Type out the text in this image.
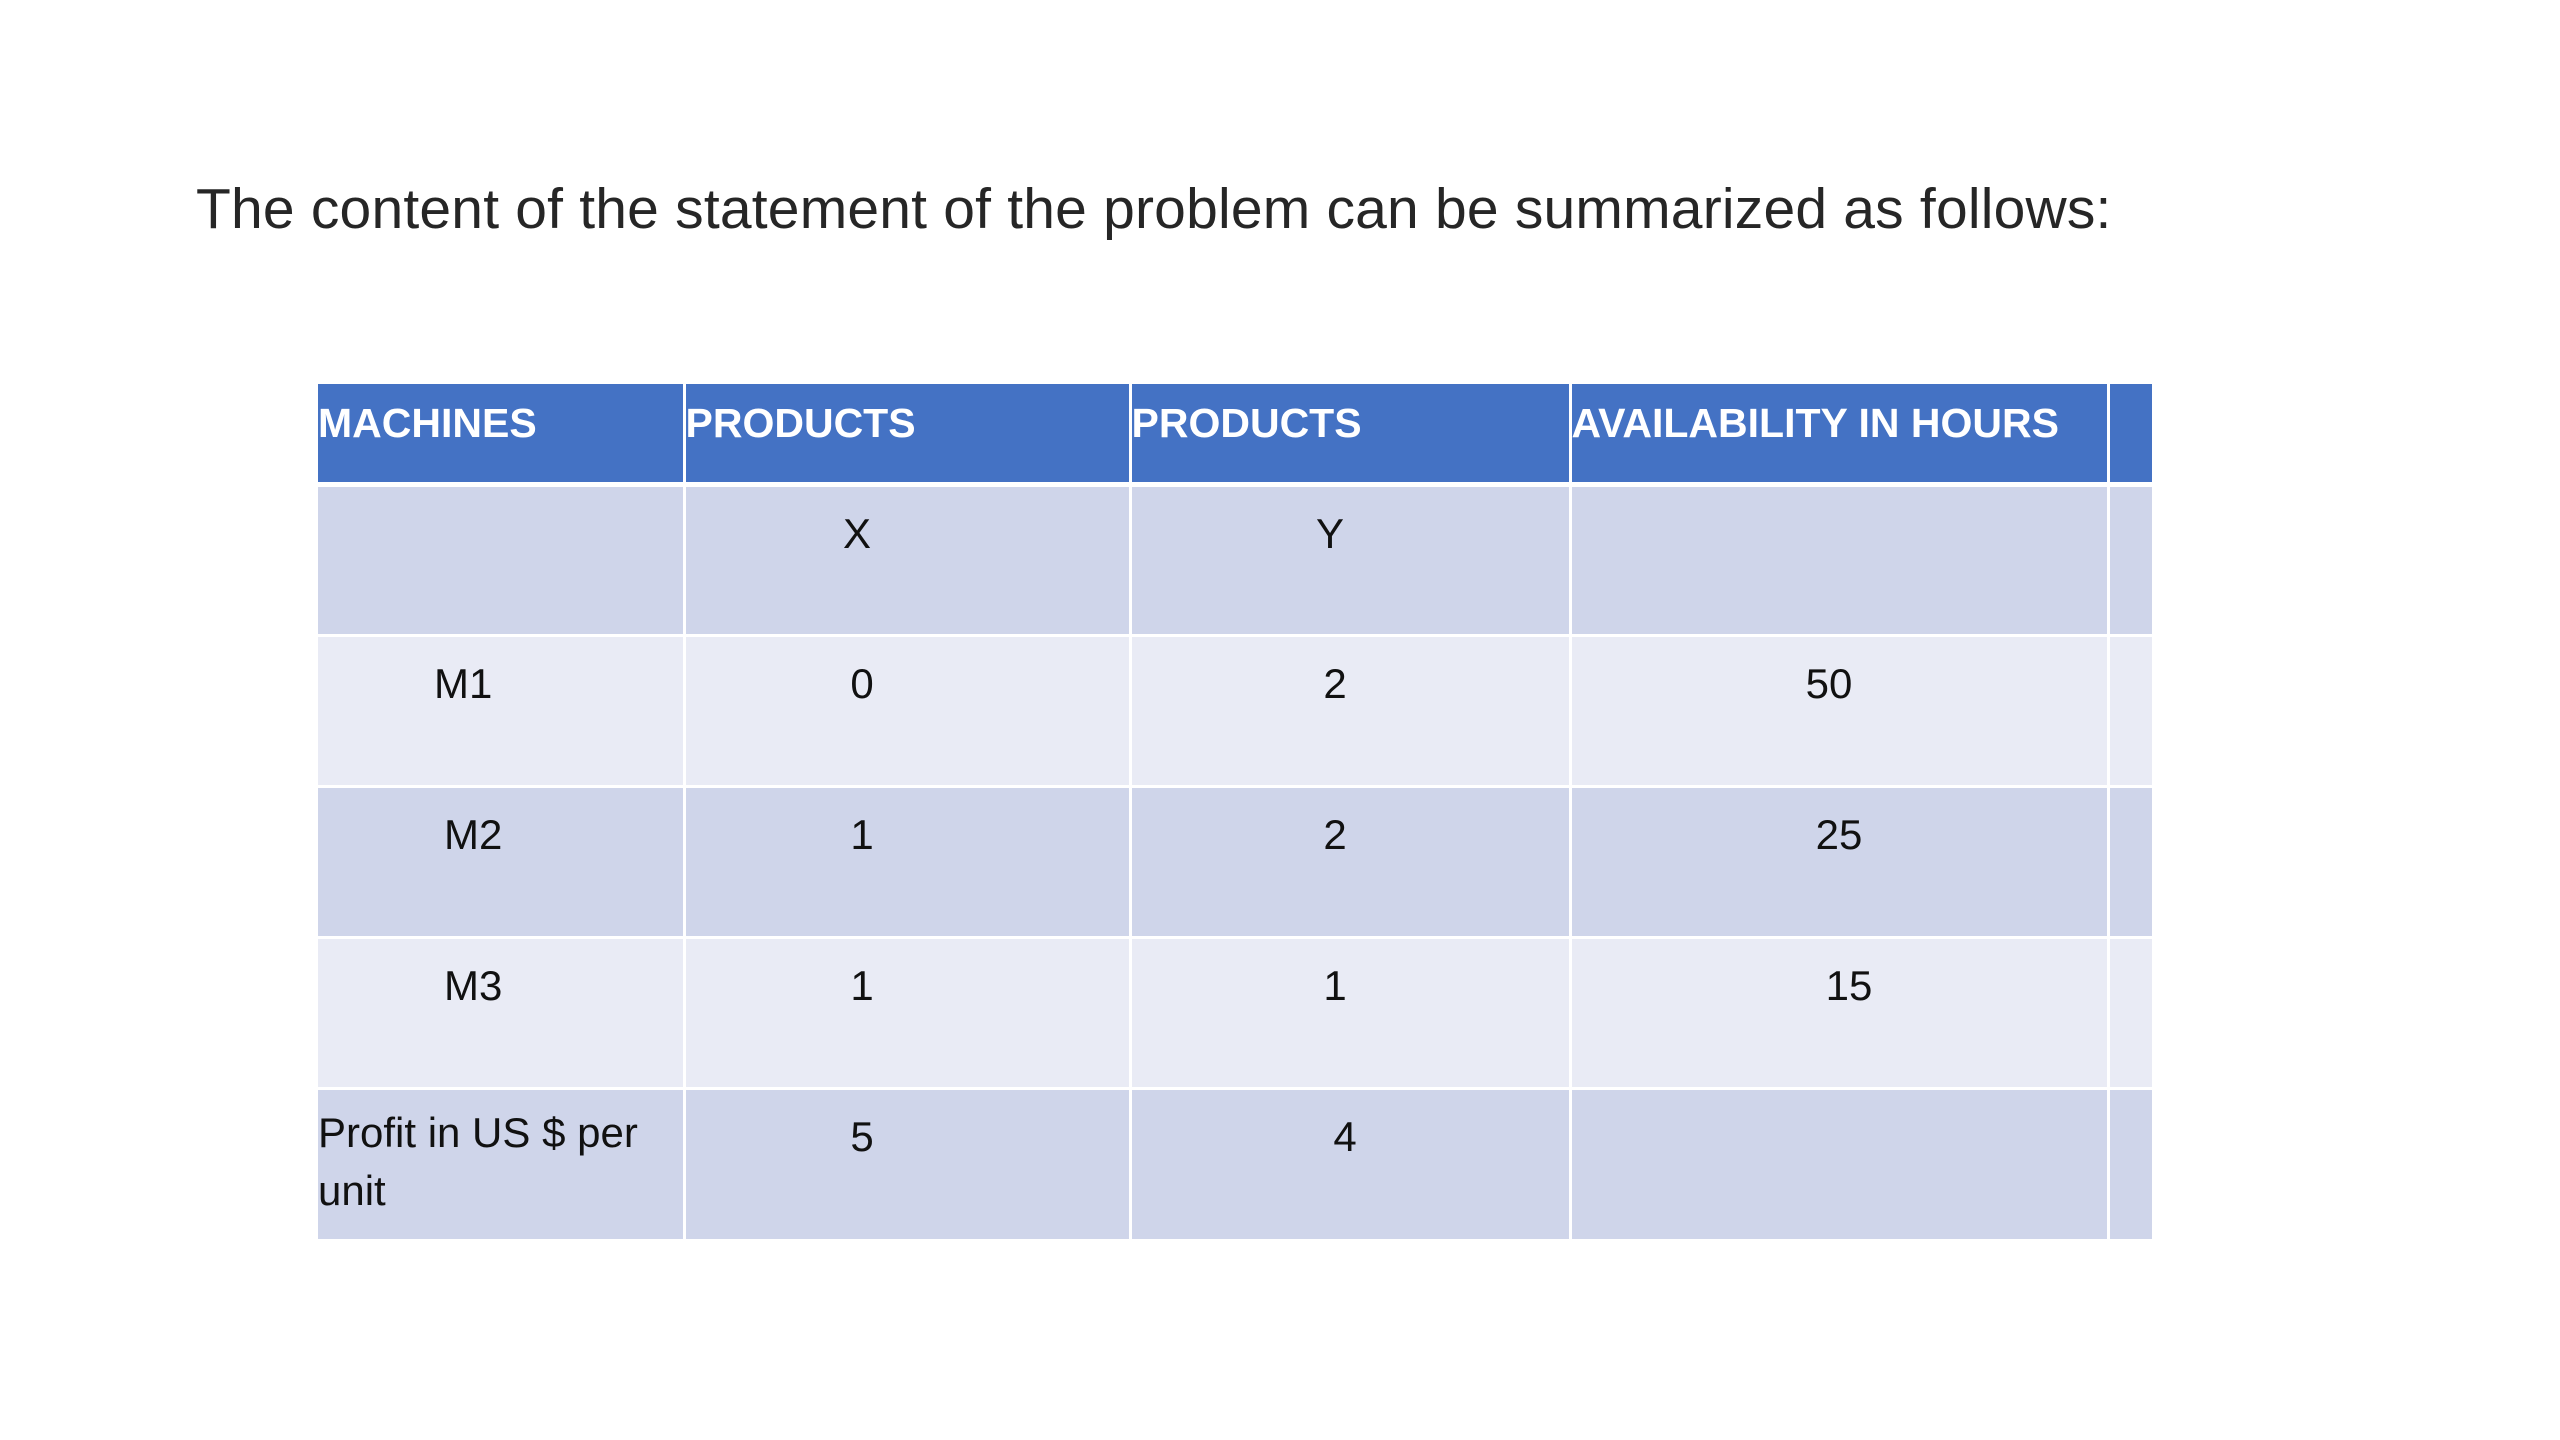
The content of the statement of the problem can be summarized as follows:
MACHINES	PRODUCTS	PRODUCTS	AVAILABILITY IN HOURS	
	X	Y		
M1	0	2	50	
M2	1	2	25	
M3	1	1	15	
Profit in US $ per unit	5	4		
